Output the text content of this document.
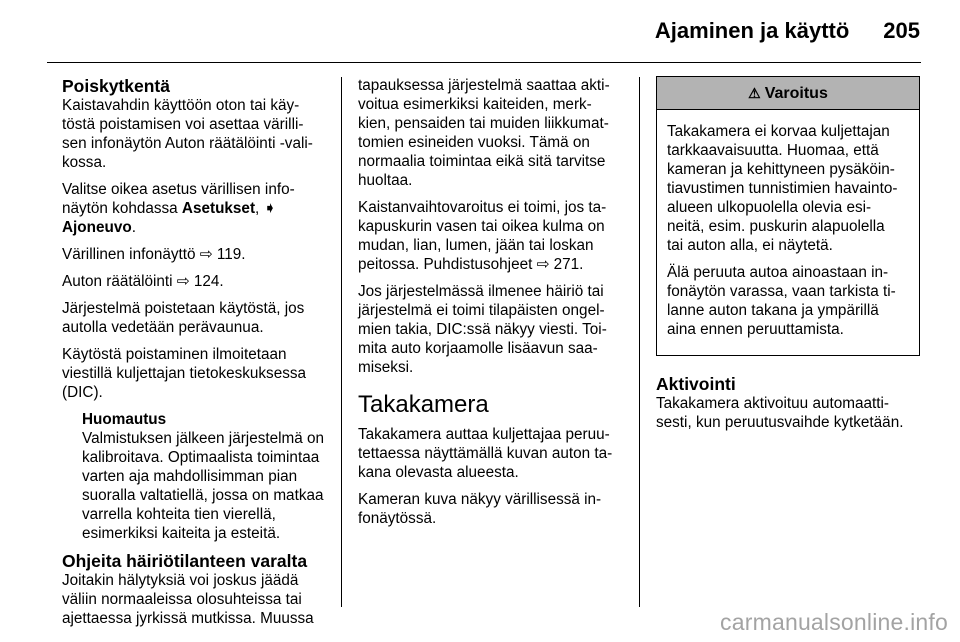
Ajaminen ja käyttö 205
Poiskytkentä

Kaistavahdin käyttöön oton tai käy-
töstä poistamisen voi asettaa värilli-
sen infonäytön Auton räätälöinti -vali-
kossa.

Valitse oikea asetus värillisen info-
näytön kohdassa Asetukset, ➧
Ajoneuvo.

Värillinen infonäyttö ⇨ 119.

Auton räätälöinti ⇨ 124.

Järjestelmä poistetaan käytöstä, jos
autolla vedetään perävaunua.

Käytöstä poistaminen ilmoitetaan
viestillä kuljettajan tietokeskuksessa
(DIC).

Huomautus
Valmistuksen jälkeen järjestelmä on
kalibroitava. Optimaalista toimintaa
varten aja mahdollisimman pian
suoralla valtatiellä, jossa on matkaa
varrella kohteita tien vierellä,
esimerkiksi kaiteita ja esteitä.
Ohjeita häiriötilanteen varalta

Joitakin hälytyksiä voi joskus jäädä
väliin normaaleissa olosuhteissa tai
ajettaessa jyrkissä mutkissa. Muussa

tapauksessa järjestelmä saattaa akti-
voitua esimerkiksi kaiteiden, merk-
kien, pensaiden tai muiden liikkumat-
tomien esineiden vuoksi. Tämä on
normaalia toimintaa eikä sitä tarvitse
huoltaa.

Kaistanvaihtovaroitus ei toimi, jos ta-
kapuskurin vasen tai oikea kulma on
mudan, lian, lumen, jään tai loskan
peitossa. Puhdistusohjeet ⇨ 271.

Jos järjestelmässä ilmenee häiriö tai
järjestelmä ei toimi tilapäisten ongel-
mien takia, DIC:ssä näkyy viesti. Toi-
mita auto korjaamolle lisäavun saa-
miseksi.

Takakamera

Takakamera auttaa kuljettajaa peruu-
tettaessa näyttämällä kuvan auton ta-
kana olevasta alueesta.

Kameran kuva näkyy värillisessä in-
fonäytössä.

⚠ Varoitus

Takakamera ei korvaa kuljettajan
tarkkaavaisuutta. Huomaa, että
kameran ja kehittyneen pysäköin-
tiavustimen tunnistimien havainto-
alueen ulkopuolella olevia esi-
neitä, esim. puskurin alapuolella
tai auton alla, ei näytetä.

Älä peruuta autoa ainoastaan in-
fonäytön varassa, vaan tarkista ti-
lanne auton takana ja ympärillä
aina ennen peruuttamista.

Aktivointi

Takakamera aktivoituu automaatti-
sesti, kun peruutusvaihde kytketään.

carmanualsonline.info
